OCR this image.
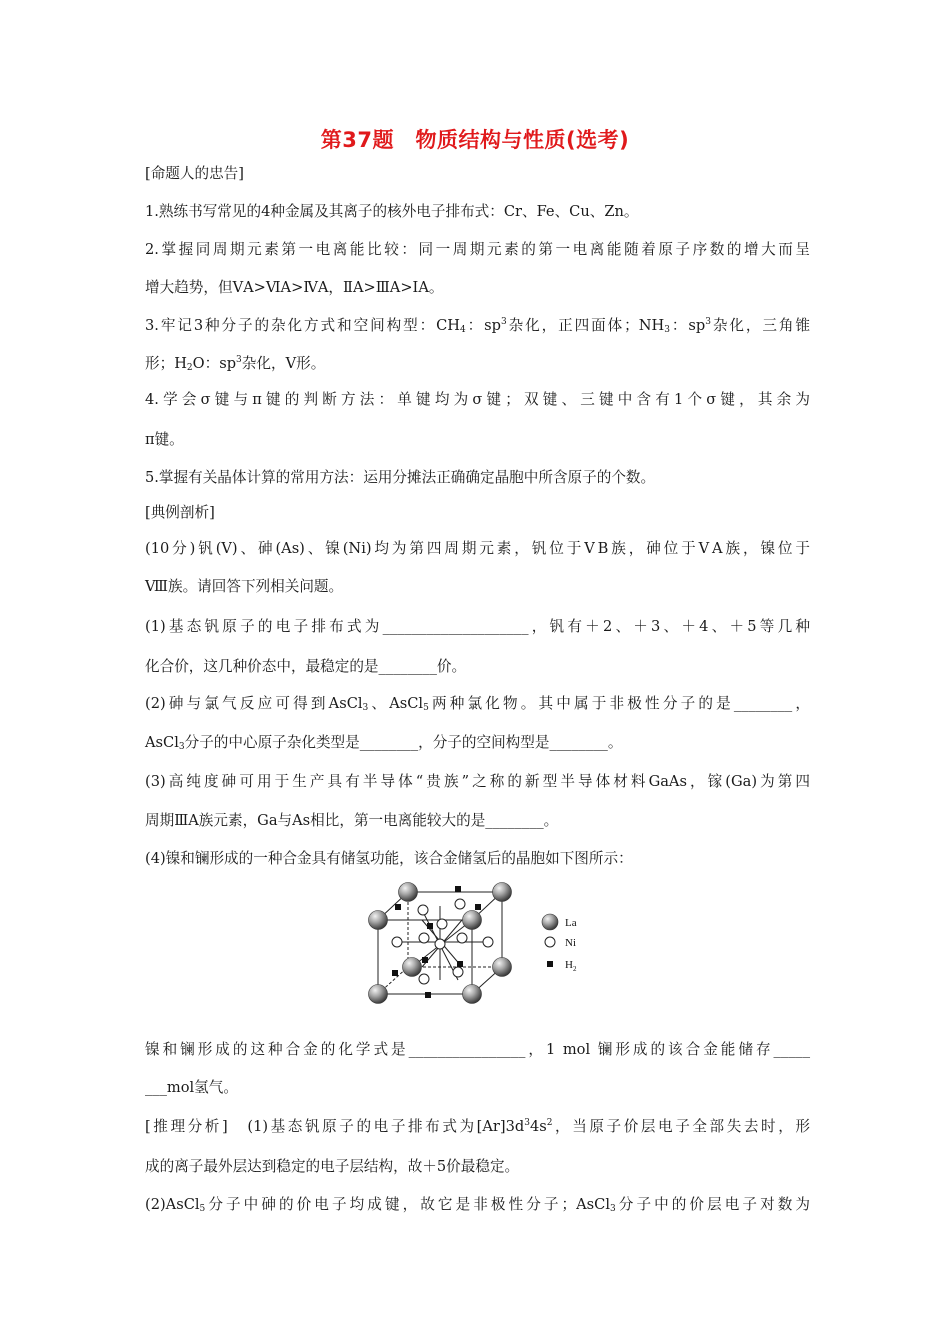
第37题　物质结构与性质(选考)
[命题人的忠告]
1.熟练书写常见的4种金属及其离子的核外电子排布式：Cr、Fe、Cu、Zn。
2.掌握同周期元素第一电离能比较：同一周期元素的第一电离能随着原子序数的增大而呈
增大趋势，但ⅤA>ⅥA>ⅣA，ⅡA>ⅢA>ⅠA。
3.牢记3种分子的杂化方式和空间构型：$CH_4$：$sp^3$杂化，正四面体；$NH_3$：$sp^3$杂化，三角锥
形；$H_2O$：$sp^3$杂化，V形。
4.学会σ键与π键的判断方法：单键均为σ键；双键、三键中含有1个σ键，其余为
π键。
5.掌握有关晶体计算的常用方法：运用分摊法正确确定晶胞中所含原子的个数。
[典例剖析]
(10分)钒(V)、砷(As)、镍(Ni)均为第四周期元素，钒位于ⅤB族，砷位于ⅤA族，镍位于
Ⅷ族。请回答下列相关问题。
(1)基态钒原子的电子排布式为____________________，钒有＋2、＋3、＋4、＋5等几种
化合价，这几种价态中，最稳定的是________价。
(2)砷与氯气反应可得到AsCl$_3$、AsCl$_5$两种氯化物。其中属于非极性分子的是________，
AsCl$_3$分子的中心原子杂化类型是________，分子的空间构型是________。
(3)高纯度砷可用于生产具有半导体“贵族”之称的新型半导体材料GaAs，镓(Ga)为第四
周期ⅢA族元素，Ga与As相比，第一电离能较大的是________。
(4)镍和镧形成的一种合金具有储氢功能，该合金储氢后的晶胞如下图所示：
La
Ni
$H_2$
镍和镧形成的这种合金的化学式是________________，1 mol 镧形成的该合金能储存_____
___mol氢气。
[推理分析]　(1)基态钒原子的电子排布式为$[Ar]3d^34s^2$，当原子价层电子全部失去时，形
成的离子最外层达到稳定的电子层结构，故＋5价最稳定。
(2)AsCl$_5$分子中砷的价电子均成键，故它是非极性分子；AsCl$_3$分子中的价层电子对数为
